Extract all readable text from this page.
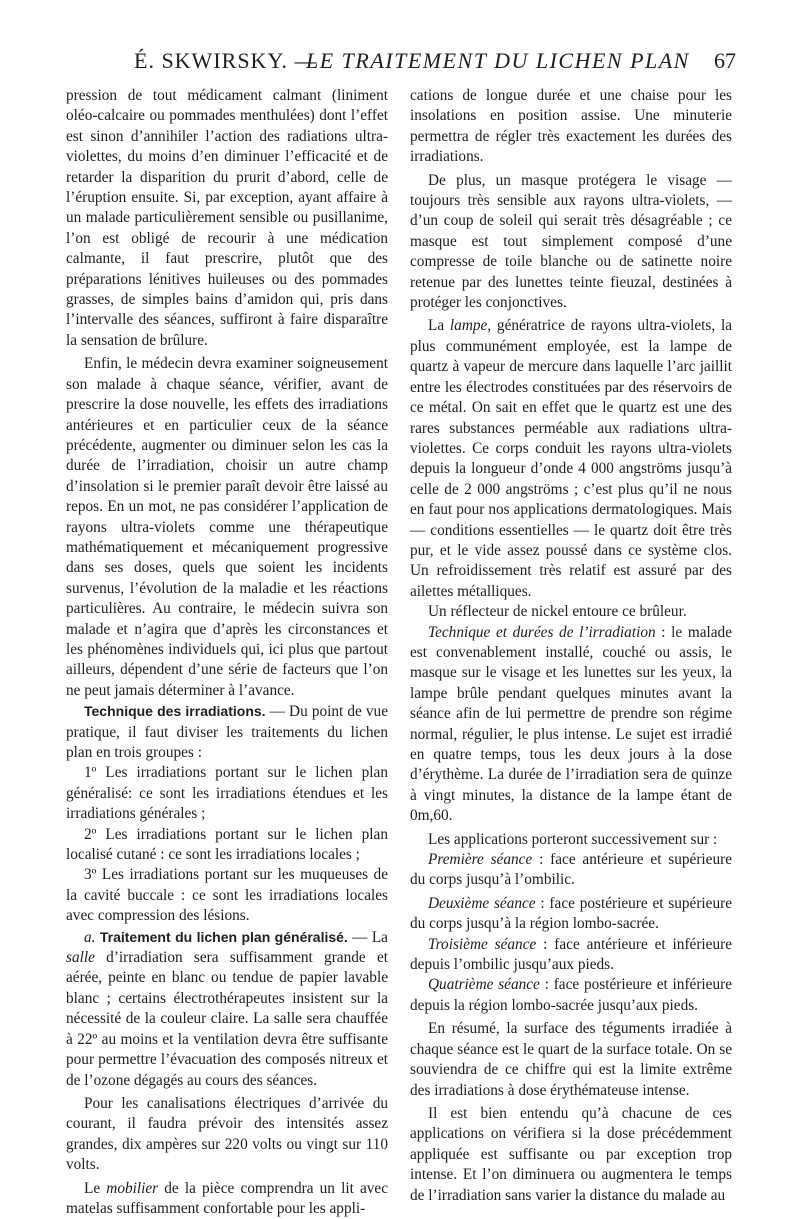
É. SKWIRSKY. —
LE TRAITEMENT DU LICHEN PLAN 67

pression de tout médicament calmant (liniment oléo-calcaire ou pommades menthulées) dont l’effet est sinon d’annihiler l’action des radiations ultra-violettes, du moins d’en diminuer l’efficacité et de retarder la disparition du prurit d’abord, celle de l’éruption ensuite. Si, par exception, ayant affaire à un malade particulièrement sensible ou pusillanime, l’on est obligé de recourir à une médication calmante, il faut prescrire, plutôt que des préparations lénitives huileuses ou des pommades grasses, de simples bains d’amidon qui, pris dans l’intervalle des séances, suffiront à faire disparaître la sensation de brûlure.

Enfin, le médecin devra examiner soigneusement son malade à chaque séance, vérifier, avant de prescrire la dose nouvelle, les effets des irradiations antérieures et en particulier ceux de la séance précédente, augmenter ou diminuer selon les cas la durée de l’irradiation, choisir un autre champ d’insolation si le premier paraît devoir être laissé au repos. En un mot, ne pas considérer l’application de rayons ultra-violets comme une thérapeutique mathématiquement et mécaniquement progressive dans ses doses, quels que soient les incidents survenus, l’évolution de la maladie et les réactions particulières. Au contraire, le médecin suivra son malade et n’agira que d’après les circonstances et les phénomènes individuels qui, ici plus que partout ailleurs, dépendent d’une série de facteurs que l’on ne peut jamais déterminer à l’avance.

Technique des irradiations. — Du point de vue pratique, il faut diviser les traitements du lichen plan en trois groupes :

1º Les irradiations portant sur le lichen plan généralisé: ce sont les irradiations étendues et les irradiations générales ;

2º Les irradiations portant sur le lichen plan localisé cutané : ce sont les irradiations locales ;

3º Les irradiations portant sur les muqueuses de la cavité buccale : ce sont les irradiations locales avec compression des lésions.

a. Traitement du lichen plan généralisé. — La salle d’irradiation sera suffisamment grande et aérée, peinte en blanc ou tendue de papier lavable blanc ; certains électrothérapeutes insistent sur la nécessité de la couleur claire. La salle sera chauffée à 22º au moins et la ventilation devra être suffisante pour permettre l’évacuation des composés nitreux et de l’ozone dégagés au cours des séances.

Pour les canalisations électriques d’arrivée du courant, il faudra prévoir des intensités assez grandes, dix ampères sur 220 volts ou vingt sur 110 volts.

Le mobilier de la pièce comprendra un lit avec matelas suffisamment confortable pour les appli-

cations de longue durée et une chaise pour les insolations en position assise. Une minuterie permettra de régler très exactement les durées des irradiations.

De plus, un masque protégera le visage — toujours très sensible aux rayons ultra-violets, — d’un coup de soleil qui serait très désagréable ; ce masque est tout simplement composé d’une compresse de toile blanche ou de satinette noire retenue par des lunettes teinte fieuzal, destinées à protéger les conjonctives.

La lampe, génératrice de rayons ultra-violets, la plus communément employée, est la lampe de quartz à vapeur de mercure dans laquelle l’arc jaillit entre les électrodes constituées par des réservoirs de ce métal. On sait en effet que le quartz est une des rares substances perméable aux radiations ultra-violettes. Ce corps conduit les rayons ultra-violets depuis la longueur d’onde 4 000 angströms jusqu’à celle de 2 000 angströms ; c’est plus qu’il ne nous en faut pour nos applications dermatologiques. Mais — conditions essentielles — le quartz doit être très pur, et le vide assez poussé dans ce système clos. Un refroidissement très relatif est assuré par des ailettes métalliques.

Un réflecteur de nickel entoure ce brûleur.

Technique et durées de l’irradiation : le malade est convenablement installé, couché ou assis, le masque sur le visage et les lunettes sur les yeux, la lampe brûle pendant quelques minutes avant la séance afin de lui permettre de prendre son régime normal, régulier, le plus intense. Le sujet est irradié en quatre temps, tous les deux jours à la dose d’érythème. La durée de l’irradiation sera de quinze à vingt minutes, la distance de la lampe étant de 0m,60.

Les applications porteront successivement sur :

Première séance : face antérieure et supérieure du corps jusqu’à l’ombilic.

Deuxième séance : face postérieure et supérieure du corps jusqu’à la région lombo-sacrée.

Troisième séance : face antérieure et inférieure depuis l’ombilic jusqu’aux pieds.

Quatrième séance : face postérieure et inférieure depuis la région lombo-sacrée jusqu’aux pieds.

En résumé, la surface des téguments irradiée à chaque séance est le quart de la surface totale. On se souviendra de ce chiffre qui est la limite extrême des irradiations à dose érythémateuse intense.

Il est bien entendu qu’à chacune de ces applications on vérifiera si la dose précédemment appliquée est suffisante ou par exception trop intense. Et l’on diminuera ou augmentera le temps de l’irradiation sans varier la distance du malade au
